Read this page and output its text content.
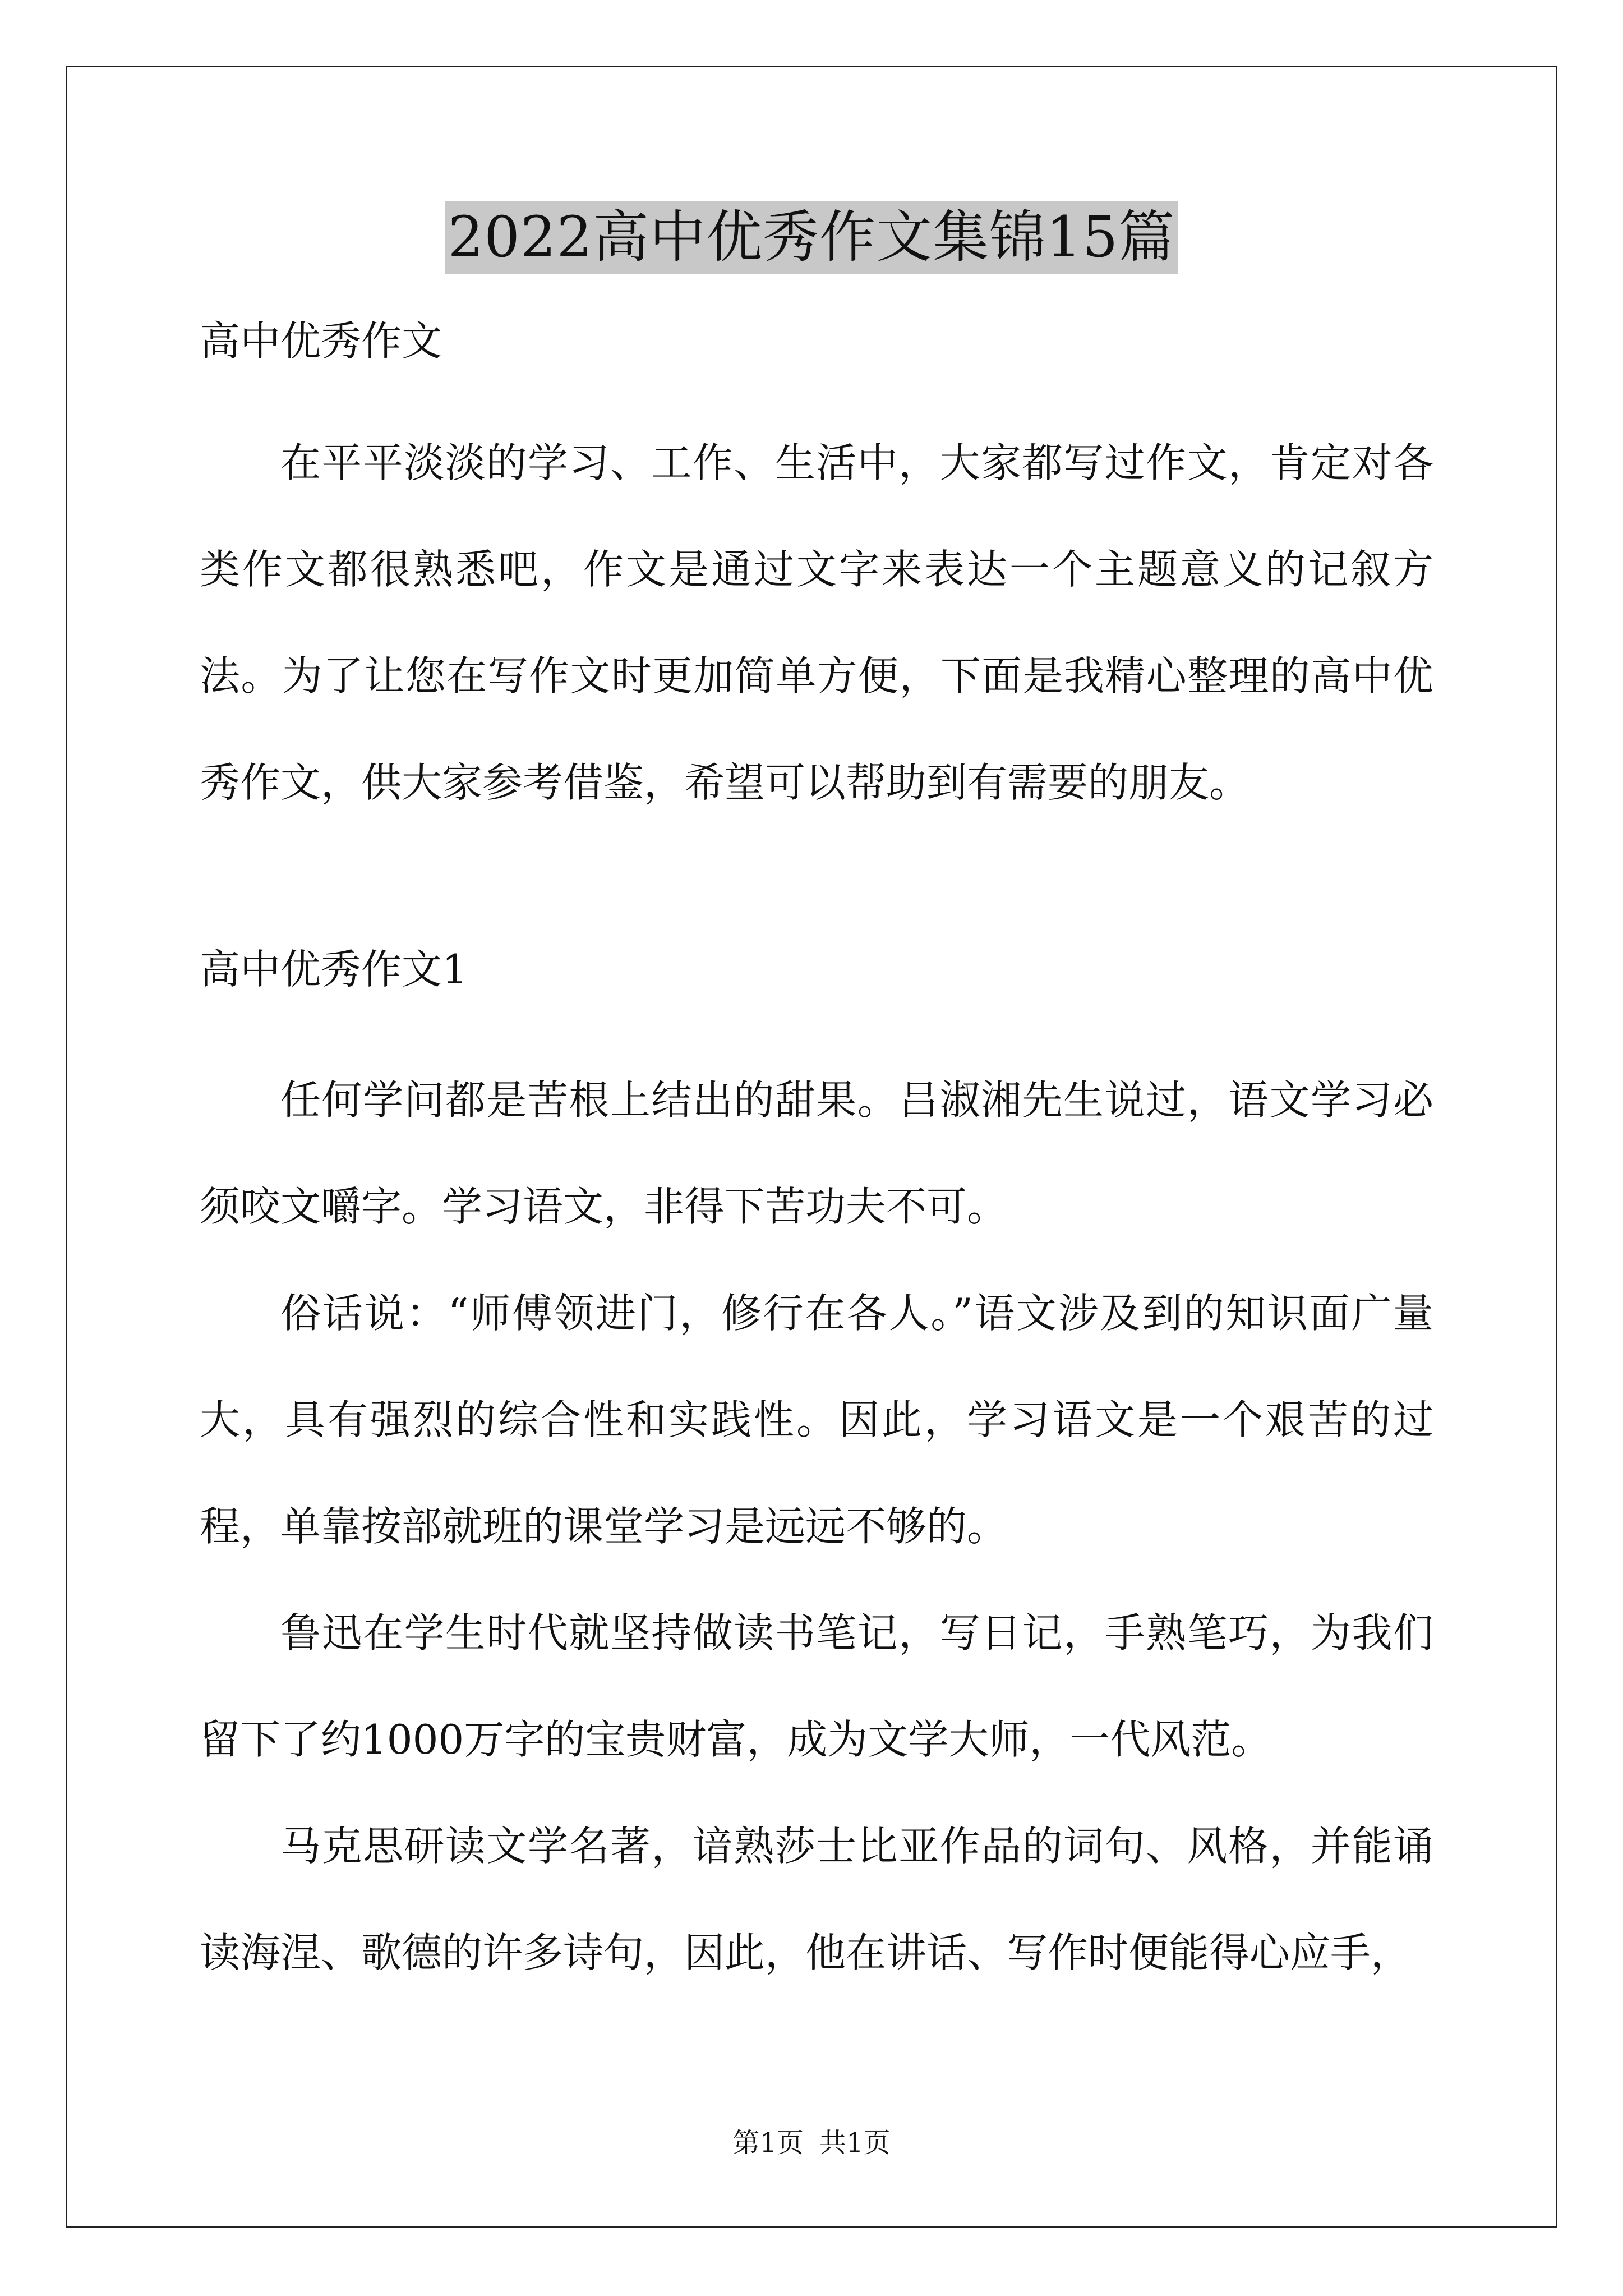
2022高中优秀作文集锦15篇

高中优秀作文

在平平淡淡的学习、工作、生活中，大家都写过作文，肯定对各类作文都很熟悉吧，作文是通过文字来表达一个主题意义的记叙方法。为了让您在写作文时更加简单方便，下面是我精心整理的高中优秀作文，供大家参考借鉴，希望可以帮助到有需要的朋友。

高中优秀作文1

任何学问都是苦根上结出的甜果。吕淑湘先生说过，语文学习必须咬文嚼字。学习语文，非得下苦功夫不可。

俗话说：“师傅领进门，修行在各人。”语文涉及到的知识面广量大，具有强烈的综合性和实践性。因此，学习语文是一个艰苦的过程，单靠按部就班的课堂学习是远远不够的。

鲁迅在学生时代就坚持做读书笔记，写日记，手熟笔巧，为我们留下了约1000万字的宝贵财富，成为文学大师，一代风范。

马克思研读文学名著，谙熟莎士比亚作品的词句、风格，并能诵读海涅、歌德的许多诗句，因此，他在讲话、写作时便能得心应手，

第1页 共1页
